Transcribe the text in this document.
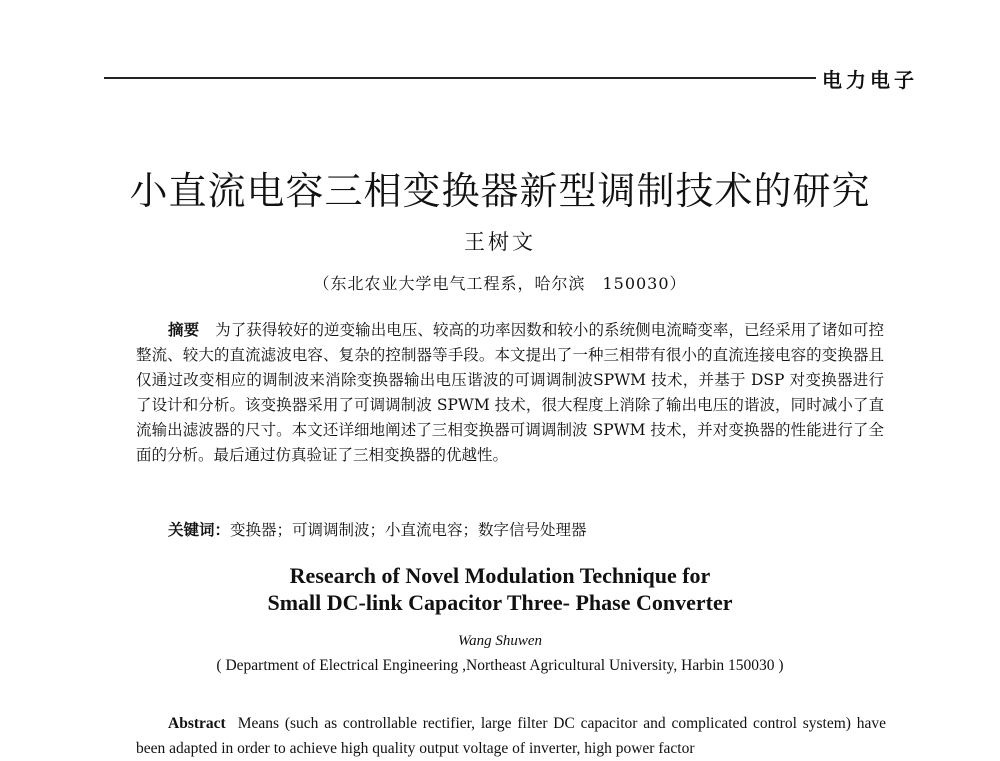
电力电子
小直流电容三相变换器新型调制技术的研究
王树文
（东北农业大学电气工程系，哈尔滨　150030）
摘要 为了获得较好的逆变输出电压、较高的功率因数和较小的系统侧电流畸变率，已经采用了诸如可控整流、较大的直流滤波电容、复杂的控制器等手段。本文提出了一种三相带有很小的直流连接电容的变换器且仅通过改变相应的调制波来消除变换器输出电压谐波的可调调制波SPWM 技术，并基于 DSP 对变换器进行了设计和分析。该变换器采用了可调调制波 SPWM 技术，很大程度上消除了输出电压的谐波，同时减小了直流输出滤波器的尺寸。本文还详细地阐述了三相变换器可调调制波 SPWM 技术，并对变换器的性能进行了全面的分析。最后通过仿真验证了三相变换器的优越性。
关键词：变换器；可调调制波；小直流电容；数字信号处理器
Research of Novel Modulation Technique for
Small DC-link Capacitor Three- Phase Converter
Wang Shuwen
( Department of Electrical Engineering ,Northeast Agricultural University, Harbin 150030 )
Abstract Means (such as controllable rectifier, large filter DC capacitor and complicated control system) have been adapted in order to achieve high quality output voltage of inverter, high power factor
